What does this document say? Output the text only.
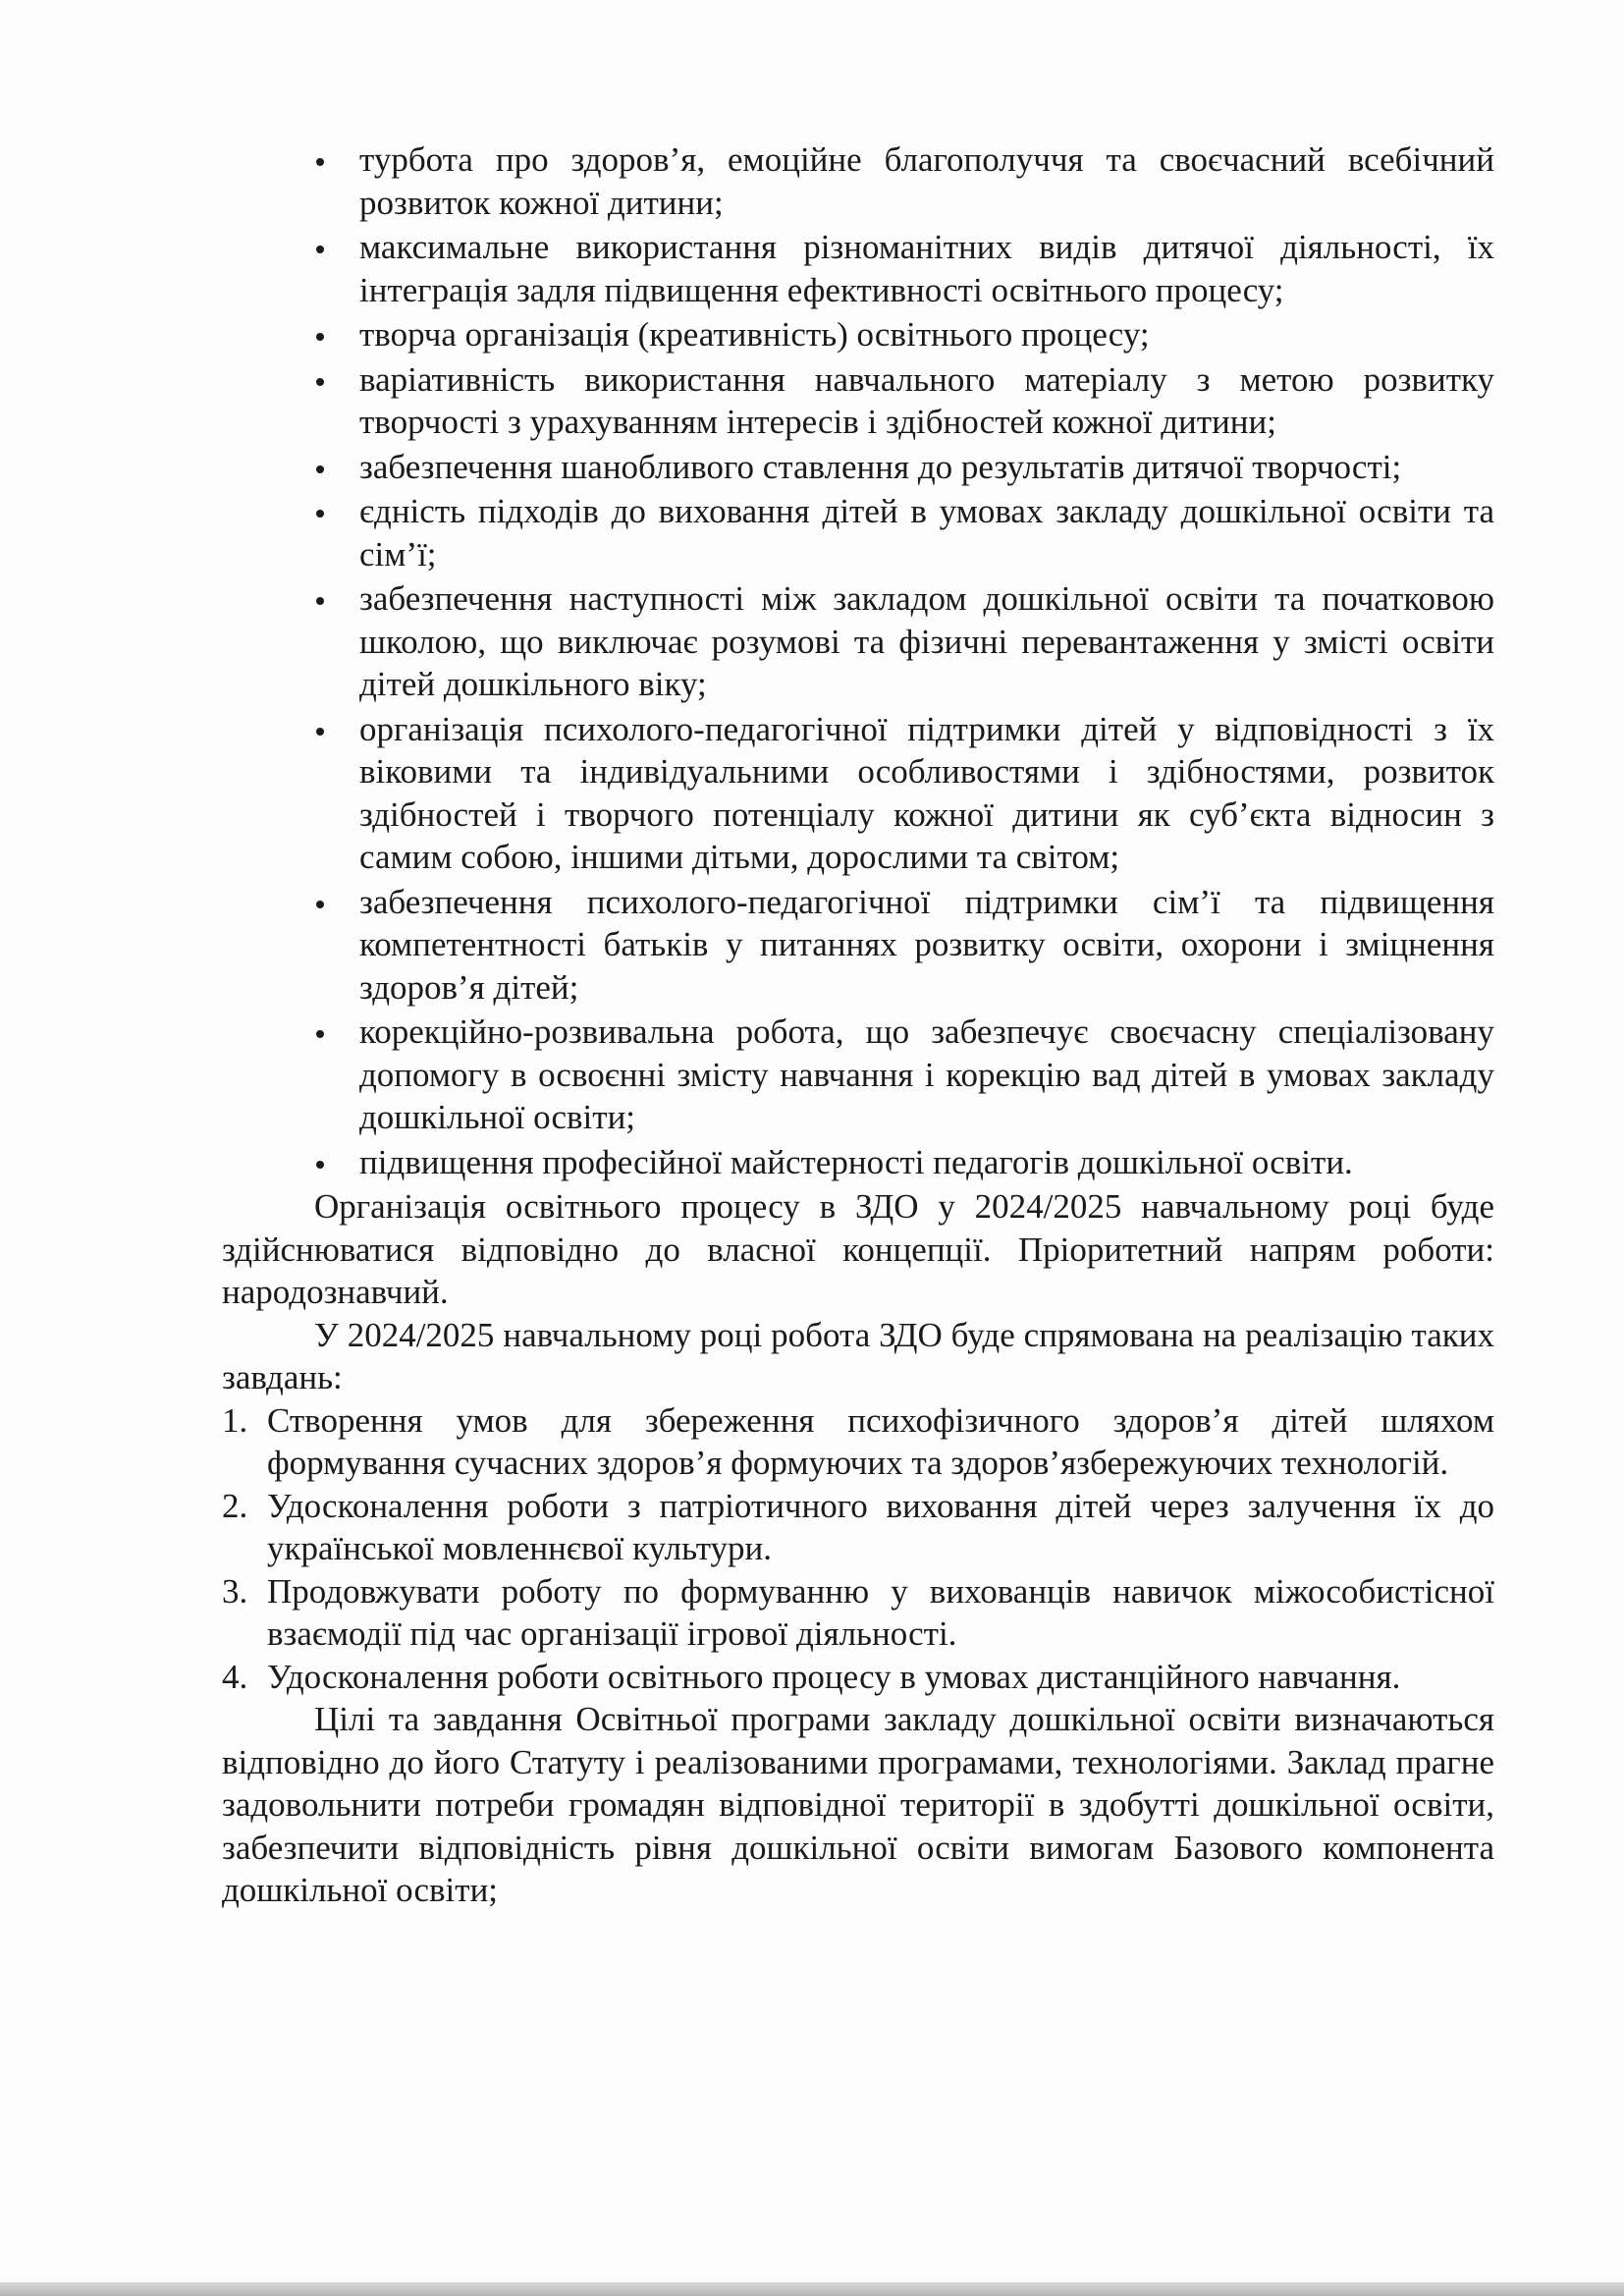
турбота про здоров’я, емоційне благополуччя та своєчасний всебічний розвиток кожної дитини;
максимальне використання різноманітних видів дитячої діяльності, їх інтеграція задля підвищення ефективності освітнього процесу;
творча організація (креативність) освітнього процесу;
варіативність використання навчального матеріалу з метою розвитку творчості з урахуванням інтересів і здібностей кожної дитини;
забезпечення шанобливого ставлення до результатів дитячої творчості;
єдність підходів до виховання дітей в умовах закладу дошкільної освіти та сім’ї;
забезпечення наступності між закладом дошкільної освіти та початковою школою, що виключає розумові та фізичні перевантаження у змісті освіти дітей дошкільного віку;
організація психолого-педагогічної підтримки дітей у відповідності з їх віковими та індивідуальними особливостями і здібностями, розвиток здібностей і творчого потенціалу кожної дитини як суб’єкта відносин з самим собою, іншими дітьми, дорослими та світом;
забезпечення психолого-педагогічної підтримки сім’ї та підвищення компетентності батьків у питаннях розвитку освіти, охорони і зміцнення здоров’я дітей;
корекційно-розвивальна робота, що забезпечує своєчасну спеціалізовану допомогу в освоєнні змісту навчання і корекцію вад дітей в умовах закладу дошкільної освіти;
підвищення професійної майстерності педагогів дошкільної освіти.

Організація освітнього процесу в ЗДО у 2024/2025 навчальному році буде здійснюватися відповідно до власної концепції. Пріоритетний напрям роботи: народознавчий.

У 2024/2025 навчальному році робота ЗДО буде спрямована на реалізацію таких завдань:

1. Створення умов для збереження психофізичного здоров’я дітей шляхом формування сучасних здоров’я формуючих та здоров’язбережуючих технологій.
2. Удосконалення роботи з патріотичного виховання дітей через залучення їх до української мовленнєвої культури.
3. Продовжувати роботу по формуванню у вихованців навичок міжособистісної взаємодії під час організації ігрової діяльності.
4. Удосконалення роботи освітнього процесу в умовах дистанційного навчання.

Цілі та завдання Освітньої програми закладу дошкільної освіти визначаються відповідно до його Статуту і реалізованими програмами, технологіями. Заклад прагне задовольнити потреби громадян відповідної території в здобутті дошкільної освіти, забезпечити відповідність рівня дошкільної освіти вимогам Базового компонента дошкільної освіти;
